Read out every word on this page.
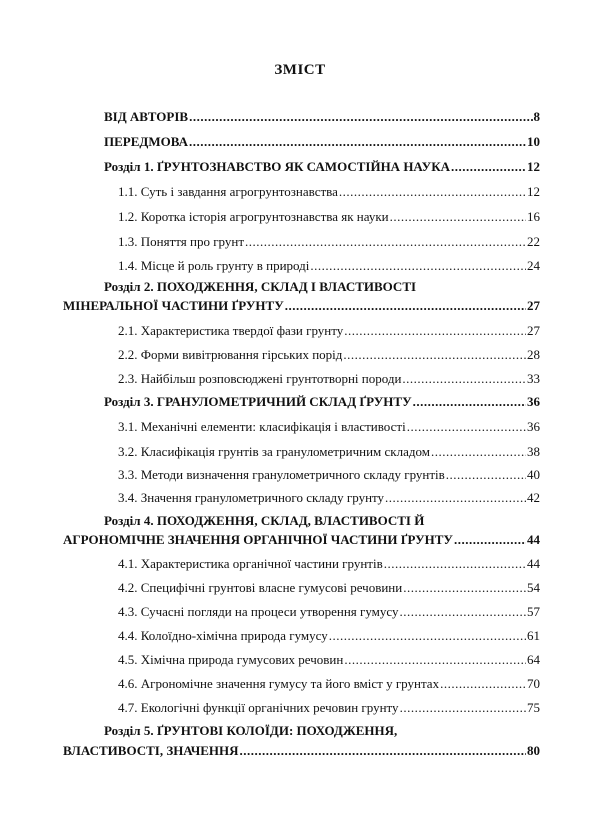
ЗМІСТ
ВІД АВТОРІВ .....	8
ПЕРЕДМОВА .....	10
Розділ 1. ҐРУНТОЗНАВСТВО ЯК САМОСТІЙНА НАУКА .....	12
1.1. Суть і завдання агрогрунтознавства .....	12
1.2. Коротка історія агрогрунтознавства як науки .....	16
1.3. Поняття про грунт .....	22
1.4. Місце й роль грунту в природі .....	24
Розділ 2. ПОХОДЖЕННЯ, СКЛАД І ВЛАСТИВОСТІ
МІНЕРАЛЬНОЇ ЧАСТИНИ ҐРУНТУ .....	27
2.1. Характеристика твердої фази грунту .....	27
2.2. Форми вивітрювання гірських порід .....	28
2.3. Найбільш розповсюджені грунтотворні породи .....	33
Розділ 3. ГРАНУЛОМЕТРИЧНИЙ СКЛАД ҐРУНТУ .....	36
3.1. Механічні елементи: класифікація і властивості .....	36
3.2. Класифікація грунтів за гранулометричним складом .....	38
3.3. Методи визначення гранулометричного складу грунтів .....	40
3.4. Значення гранулометричного складу грунту .....	42
Розділ 4. ПОХОДЖЕННЯ, СКЛАД, ВЛАСТИВОСТІ Й
АГРОНОМІЧНЕ ЗНАЧЕННЯ ОРГАНІЧНОЇ ЧАСТИНИ ҐРУНТУ .....	44
4.1. Характеристика органічної частини грунтів .....	44
4.2. Специфічні грунтові власне гумусові речовини .....	54
4.3. Сучасні погляди на процеси утворення гумусу .....	57
4.4. Колоїдно-хімічна природа гумусу .....	61
4.5. Хімічна природа гумусових речовин .....	64
4.6. Агрономічне значення гумусу та його вміст у грунтах .....	70
4.7. Екологічні функції органічних речовин грунту .....	75
Розділ 5. ҐРУНТОВІ КОЛОЇДИ: ПОХОДЖЕННЯ,
ВЛАСТИВОСТІ, ЗНАЧЕННЯ .....	80
